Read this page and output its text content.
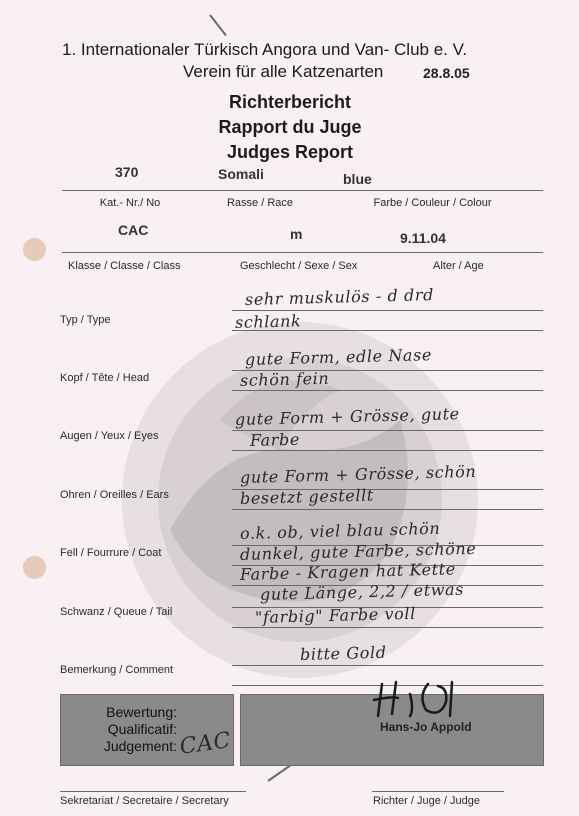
1. Internationaler Türkisch Angora und Van- Club e. V.
Verein für alle Katzenarten	28.8.05
Richterbericht
Rapport du Juge
Judges Report
370	Somali	blue
Kat.- Nr./ No	Rasse / Race	Farbe / Couleur / Colour
CAC	m	9.11.04
Klasse / Classe / Class	Geschlecht / Sexe / Sex	Alter / Age
Typ / Type
sehr muskulös - d drd
schlank
Kopf / Tête / Head
gute Form, edle Nase
schön fein
Augen / Yeux / Eyes
gute Form + Grösse, gute
Farbe
Ohren / Oreilles / Ears
gute Form + Grösse, schön
besetzt gestellt
Fell / Fourrure / Coat
o.k. ob, viel blau schön
dunkel, gute Farbe, schöne
Farbe - Kragen hat Kette
Schwanz / Queue / Tail
gute Länge, 2,2 / etwas
"farbig" Farbe voll
Bemerkung / Comment
bitte Gold
Bewertung:
Qualificatif:
Judgement: CAC
Hans-Jo Appold
Sekretariat / Secretaire / Secretary	Richter / Juge / Judge
